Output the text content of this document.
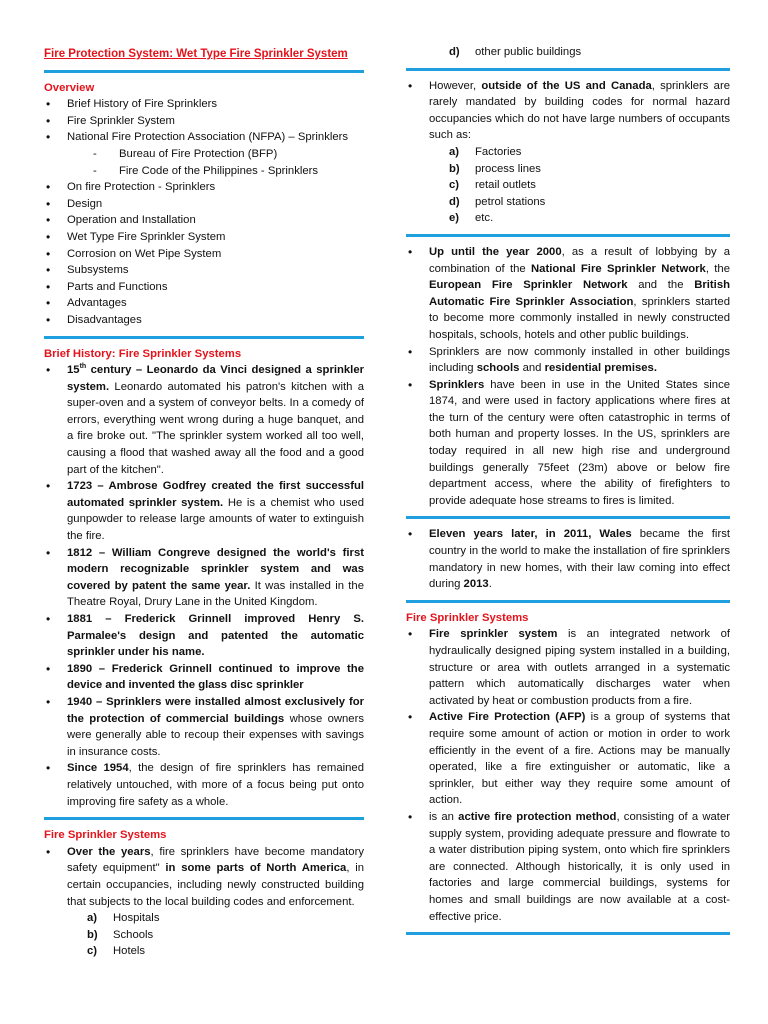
Fire Protection System: Wet Type Fire Sprinkler System
Overview
• Brief History of Fire Sprinklers
• Fire Sprinkler System
• National Fire Protection Association (NFPA) – Sprinklers
- Bureau of Fire Protection (BFP)
- Fire Code of the Philippines - Sprinklers
• On fire Protection - Sprinklers
• Design
• Operation and Installation
• Wet Type Fire Sprinkler System
• Corrosion on Wet Pipe System
• Subsystems
• Parts and Functions
• Advantages
• Disadvantages
Brief History: Fire Sprinkler Systems
• 15th century – Leonardo da Vinci designed a sprinkler system. Leonardo automated his patron's kitchen with a super-oven and a system of conveyor belts. In a comedy of errors, everything went wrong during a huge banquet, and a fire broke out. "The sprinkler system worked all too well, causing a flood that washed away all the food and a good part of the kitchen".
• 1723 – Ambrose Godfrey created the first successful automated sprinkler system. He is a chemist who used gunpowder to release large amounts of water to extinguish the fire.
• 1812 – William Congreve designed the world's first modern recognizable sprinkler system and was covered by patent the same year. It was installed in the Theatre Royal, Drury Lane in the United Kingdom.
• 1881 – Frederick Grinnell improved Henry S. Parmalee's design and patented the automatic sprinkler under his name.
• 1890 – Frederick Grinnell continued to improve the device and invented the glass disc sprinkler
• 1940 – Sprinklers were installed almost exclusively for the protection of commercial buildings whose owners were generally able to recoup their expenses with savings in insurance costs.
• Since 1954, the design of fire sprinklers has remained relatively untouched, with more of a focus being put onto improving fire safety as a whole.
Fire Sprinkler Systems
• Over the years, fire sprinklers have become mandatory safety equipment" in some parts of North America, in certain occupancies, including newly constructed building that subjects to the local building codes and enforcement.
a) Hospitals
b) Schools
c) Hotels
d) other public buildings
• However, outside of the US and Canada, sprinklers are rarely mandated by building codes for normal hazard occupancies which do not have large numbers of occupants such as:
a) Factories
b) process lines
c) retail outlets
d) petrol stations
e) etc.
• Up until the year 2000, as a result of lobbying by a combination of the National Fire Sprinkler Network, the European Fire Sprinkler Network and the British Automatic Fire Sprinkler Association, sprinklers started to become more commonly installed in newly constructed hospitals, schools, hotels and other public buildings.
• Sprinklers are now commonly installed in other buildings including schools and residential premises.
• Sprinklers have been in use in the United States since 1874, and were used in factory applications where fires at the turn of the century were often catastrophic in terms of both human and property losses. In the US, sprinklers are today required in all new high rise and underground buildings generally 75feet (23m) above or below fire department access, where the ability of firefighters to provide adequate hose streams to fires is limited.
• Eleven years later, in 2011, Wales became the first country in the world to make the installation of fire sprinklers mandatory in new homes, with their law coming into effect during 2013.
Fire Sprinkler Systems
• Fire sprinkler system is an integrated network of hydraulically designed piping system installed in a building, structure or area with outlets arranged in a systematic pattern which automatically discharges water when activated by heat or combustion products from a fire.
• Active Fire Protection (AFP) is a group of systems that require some amount of action or motion in order to work efficiently in the event of a fire. Actions may be manually operated, like a fire extinguisher or automatic, like a sprinkler, but either way they require some amount of action.
• is an active fire protection method, consisting of a water supply system, providing adequate pressure and flowrate to a water distribution piping system, onto which fire sprinklers are connected. Although historically, it is only used in factories and large commercial buildings, systems for homes and small buildings are now available at a cost-effective price.
